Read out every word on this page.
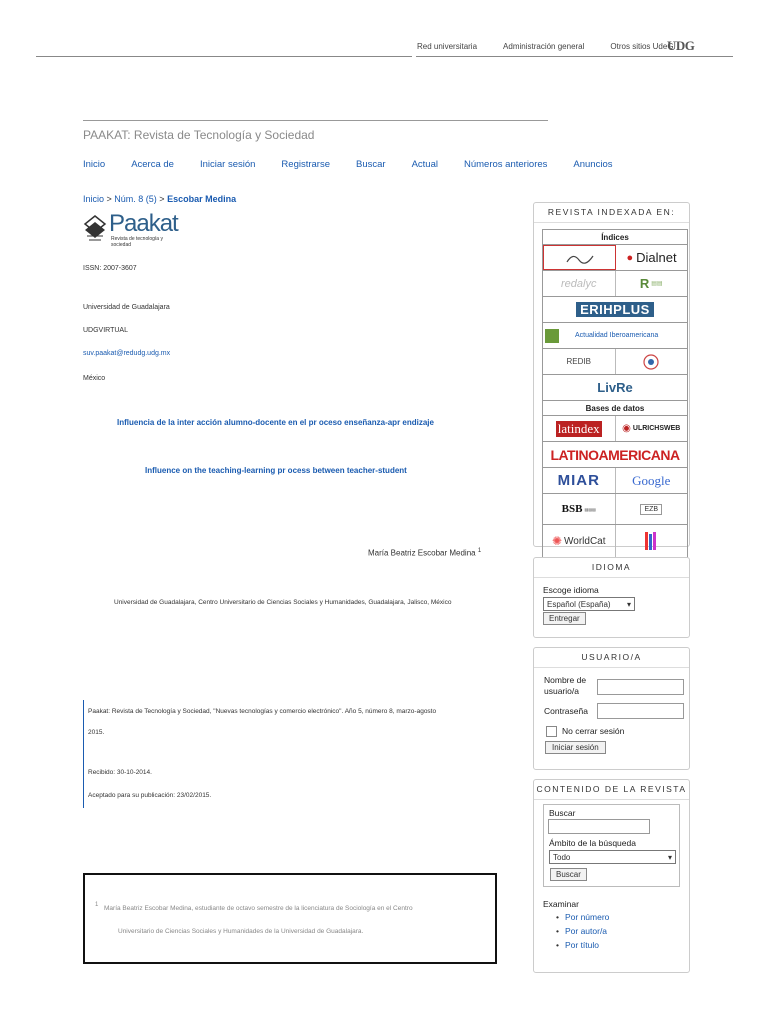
Red universitaria	Administración general	Otros sitios UdeG
UDG
PAAKAT: Revista de Tecnología y Sociedad
Inicio	Acerca de	Iniciar sesión	Registrarse	Buscar	Actual	Números anteriores	Anuncios
Inicio > Núm. 8 (5) > Escobar Medina
Paakat
Revista de tecnología y sociedad
ISSN: 2007-3607
Universidad de Guadalajara
UDGVIRTUAL
suv.paakat@redudg.udg.mx
México
Influencia de la inter acción alumno-docente en el pr oceso enseñanza-apr endizaje
Influence on the teaching-learning pr ocess between teacher-student
María Beatriz Escobar Medina $^1$
Universidad de Guadalajara, Centro Universitario de Ciencias Sociales y Humanidades, Guadalajara, Jalisco, México
Paakat: Revista de Tecnología y Sociedad, "Nuevas tecnologías y comercio electrónico". Año 5, número 8, marzo-agosto
2015.
Recibido: 30-10-2014.
Aceptado para su publicación: 23/02/2015.

1 María Beatriz Escobar Medina, estudiante de octavo semestre de la licenciatura de Sociología en el Centro

Universitario de Ciencias Sociales y Humanidades de la Universidad de Guadalajara.

REVISTA INDEXADA EN:
Índices
● Dialnet
redalyc	R ▤▤
ERIHPLUS
Actualidad Iberoamericana
REDIB
LivRe
Bases de datos
latindex ◉ ULRICHSWEB
LATINOAMERICANA
MIAR Google
BSB ▤▤▤	EZB
✺ WorldCat
IDIOMA
Escoge idioma
Español (España) ▾
Entregar
USUARIO/A
Nombre de usuario/a
Contraseña
No cerrar sesión
Iniciar sesión
CONTENIDO DE LA REVISTA
Buscar
Ámbito de la búsqueda
Todo	▾
Buscar
Examinar
• Por número
• Por autor/a
• Por título
